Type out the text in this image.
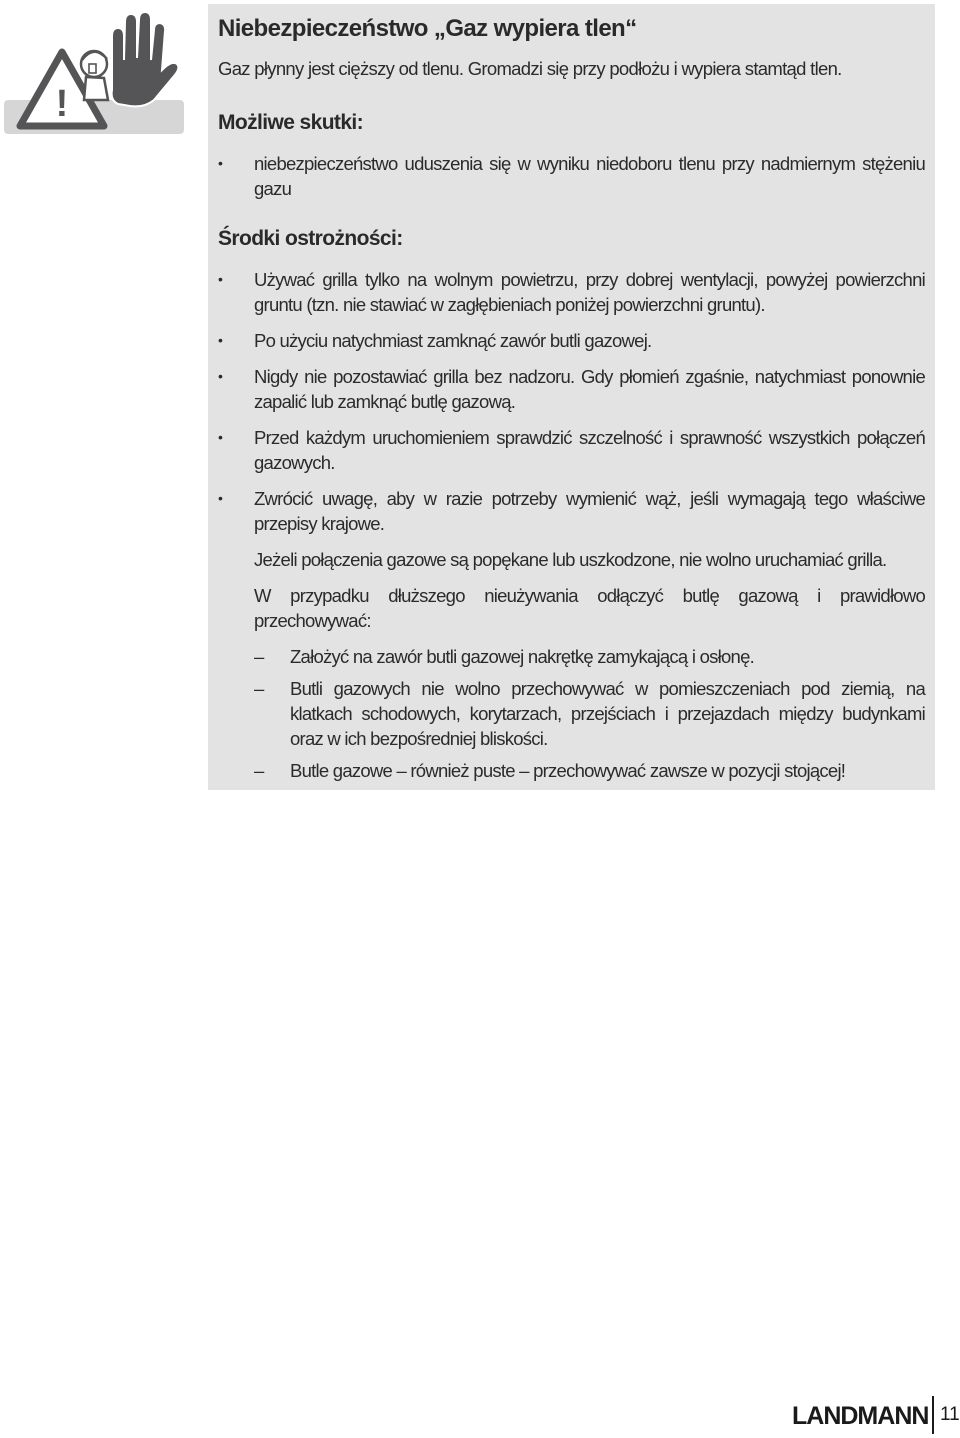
!
Niebezpieczeństwo „Gaz wypiera tlen“
Gaz płynny jest cięższy od tlenu. Gromadzi się przy podłożu i wypiera stamtąd tlen.
Możliwe skutki:
• niebezpieczeństwo uduszenia się w wyniku niedoboru tlenu przy nadmiernym stężeniu gazu
Środki ostrożności:
• Używać grilla tylko na wolnym powietrzu, przy dobrej wentylacji, powyżej powierzchni gruntu (tzn. nie stawiać w zagłębieniach poniżej powierzchni gruntu).
• Po użyciu natychmiast zamknąć zawór butli gazowej.
• Nigdy nie pozostawiać grilla bez nadzoru. Gdy płomień zgaśnie, natychmiast ponownie zapalić lub zamknąć butlę gazową.
• Przed każdym uruchomieniem sprawdzić szczelność i sprawność wszystkich połączeń gazowych.
• Zwrócić uwagę, aby w razie potrzeby wymienić wąż, jeśli wymagają tego właściwe przepisy krajowe.

Jeżeli połączenia gazowe są popękane lub uszkodzone, nie wolno uruchamiać grilla.

W przypadku dłuższego nieużywania odłączyć butlę gazową i prawidłowo przechowywać:

– Założyć na zawór butli gazowej nakrętkę zamykającą i osłonę.
– Butli gazowych nie wolno przechowywać w pomieszczeniach pod ziemią, na klatkach schodowych, korytarzach, przejściach i przejazdach między budynkami oraz w ich bezpośredniej bliskości.
– Butle gazowe – również puste – przechowywać zawsze w pozycji stojącej!
LANDMANN 11
